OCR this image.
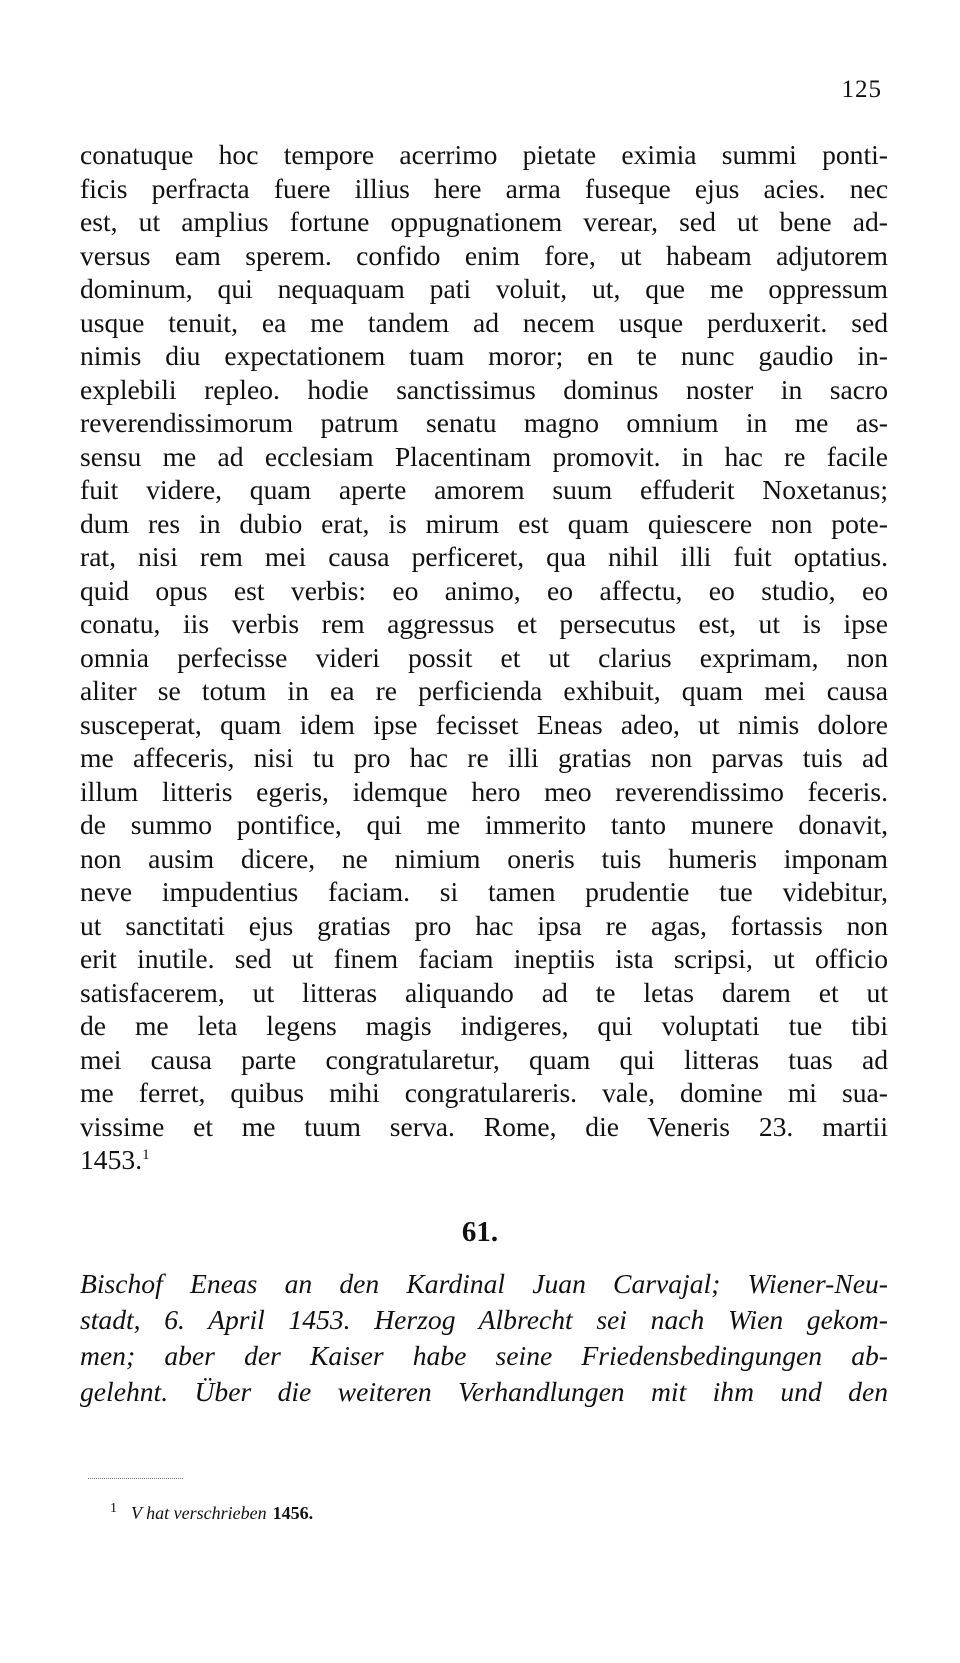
125
conatuque hoc tempore acerrimo pietate eximia summi ponti-
ficis perfracta fuere illius here arma fuseque ejus acies. nec
est, ut amplius fortune oppugnationem verear, sed ut bene ad-
versus eam sperem. confido enim fore, ut habeam adjutorem
dominum, qui nequaquam pati voluit, ut, que me oppressum
usque tenuit, ea me tandem ad necem usque perduxerit. sed
nimis diu expectationem tuam moror; en te nunc gaudio in-
explebili repleo. hodie sanctissimus dominus noster in sacro
reverendissimorum patrum senatu magno omnium in me as-
sensu me ad ecclesiam Placentinam promovit. in hac re facile
fuit videre, quam aperte amorem suum effuderit Noxetanus;
dum res in dubio erat, is mirum est quam quiescere non pote-
rat, nisi rem mei causa perficeret, qua nihil illi fuit optatius.
quid opus est verbis: eo animo, eo affectu, eo studio, eo
conatu, iis verbis rem aggressus et persecutus est, ut is ipse
omnia perfecisse videri possit et ut clarius exprimam, non
aliter se totum in ea re perficienda exhibuit, quam mei causa
susceperat, quam idem ipse fecisset Eneas adeo, ut nimis dolore
me affeceris, nisi tu pro hac re illi gratias non parvas tuis ad
illum litteris egeris, idemque hero meo reverendissimo feceris.
de summo pontifice, qui me immerito tanto munere donavit,
non ausim dicere, ne nimium oneris tuis humeris imponam
neve impudentius faciam. si tamen prudentie tue videbitur,
ut sanctitati ejus gratias pro hac ipsa re agas, fortassis non
erit inutile. sed ut finem faciam ineptiis ista scripsi, ut officio
satisfacerem, ut litteras aliquando ad te letas darem et ut
de me leta legens magis indigeres, qui voluptati tue tibi
mei causa parte congratularetur, quam qui litteras tuas ad
me ferret, quibus mihi congratulareris. vale, domine mi sua-
vissime et me tuum serva. Rome, die Veneris 23. martii
1453.$^1$
61.
Bischof Eneas an den Kardinal Juan Carvajal; Wiener-Neu-
stadt, 6. April 1453. Herzog Albrecht sei nach Wien gekom-
men; aber der Kaiser habe seine Friedensbedingungen ab-
gelehnt. Über die weiteren Verhandlungen mit ihm und den
$^1$ V hat verschrieben 1456.
